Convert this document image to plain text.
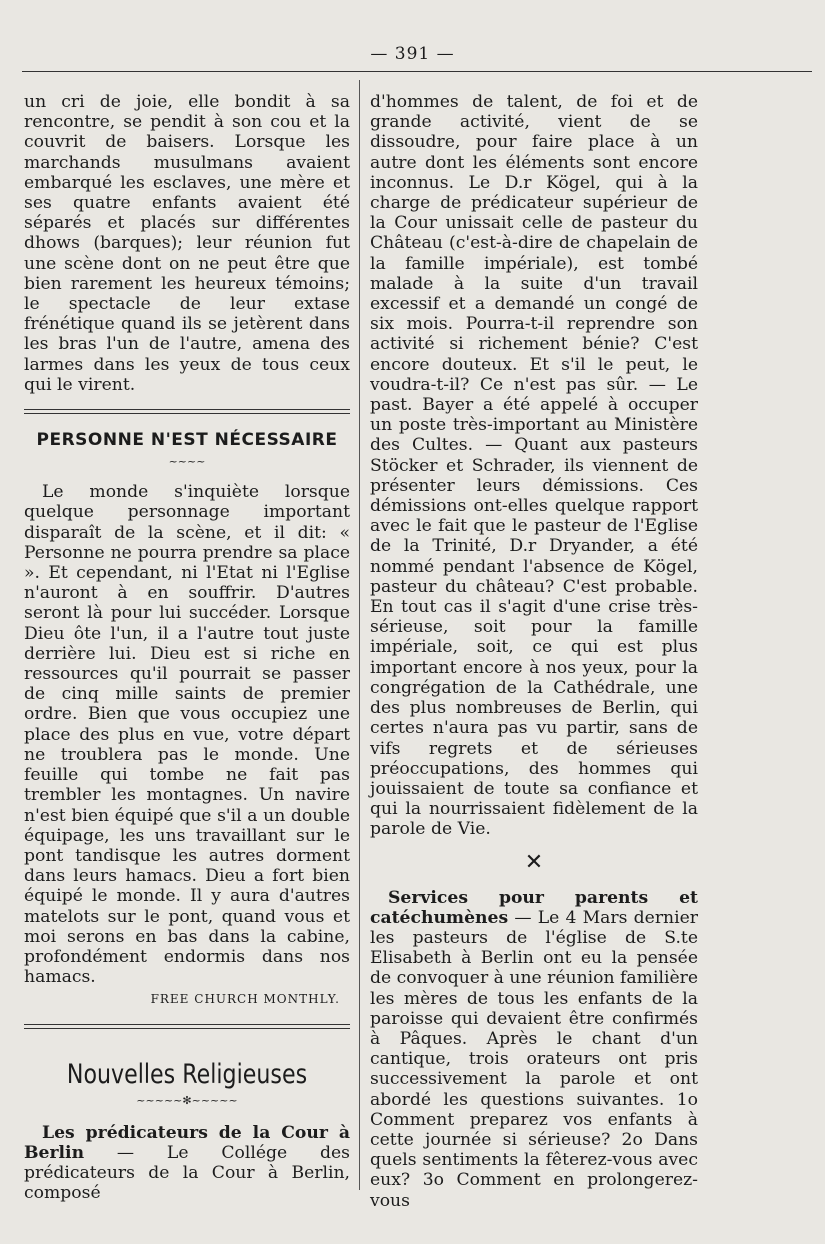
— 391 —

un cri de joie, elle bondit à sa rencontre, se pendit à son cou et la couvrit de baisers. Lorsque les marchands musulmans avaient embarqué les esclaves, une mère et ses quatre enfants avaient été séparés et placés sur différentes dhows (barques); leur réunion fut une scène dont on ne peut être que bien rarement les heureux témoins; le spectacle de leur extase frénétique quand ils se jetèrent dans les bras l'un de l'autre, amena des larmes dans les yeux de tous ceux qui le virent.

PERSONNE N'EST NÉCESSAIRE
~~~~

Le monde s'inquiète lorsque quelque personnage important disparaît de la scène, et il dit: « Personne ne pourra prendre sa place ». Et cependant, ni l'Etat ni l'Eglise n'auront à en souffrir. D'autres seront là pour lui succéder. Lorsque Dieu ôte l'un, il a l'autre tout juste derrière lui. Dieu est si riche en ressources qu'il pourrait se passer de cinq mille saints de premier ordre. Bien que vous occupiez une place des plus en vue, votre départ ne troublera pas le monde. Une feuille qui tombe ne fait pas trembler les montagnes. Un navire n'est bien équipé que s'il a un double équipage, les uns travaillant sur le pont tandisque les autres dorment dans leurs hamacs. Dieu a fort bien équipé le monde. Il y aura d'autres matelots sur le pont, quand vous et moi serons en bas dans la cabine, profondément endormis dans nos hamacs.

FREE CHURCH MONTHLY.
Nouvelles Religieuses
~~~~~✻~~~~~

Les prédicateurs de la Cour à Berlin — Le Collége des prédicateurs de la Cour à Berlin, composé

d'hommes de talent, de foi et de grande activité, vient de se dissoudre, pour faire place à un autre dont les éléments sont encore inconnus. Le D.r Kögel, qui à la charge de prédicateur supérieur de la Cour unissait celle de pasteur du Château (c'est-à-dire de chapelain de la famille impériale), est tombé malade à la suite d'un travail excessif et a demandé un congé de six mois. Pourra-t-il reprendre son activité si richement bénie? C'est encore douteux. Et s'il le peut, le voudra-t-il? Ce n'est pas sûr. — Le past. Bayer a été appelé à occuper un poste très-important au Ministère des Cultes. — Quant aux pasteurs Stöcker et Schrader, ils viennent de présenter leurs démissions. Ces démissions ont-elles quelque rapport avec le fait que le pasteur de l'Eglise de la Trinité, D.r Dryander, a été nommé pendant l'absence de Kögel, pasteur du château? C'est probable. En tout cas il s'agit d'une crise très-sérieuse, soit pour la famille impériale, soit, ce qui est plus important encore à nos yeux, pour la congrégation de la Cathédrale, une des plus nombreuses de Berlin, qui certes n'aura pas vu partir, sans de vifs regrets et de sérieuses préoccupations, des hommes qui jouissaient de toute sa confiance et qui la nourrissaient fidèlement de la parole de Vie.

✕

Services pour parents et catéchumènes — Le 4 Mars dernier les pasteurs de l'église de S.te Elisabeth à Berlin ont eu la pensée de convoquer à une réunion familière les mères de tous les enfants de la paroisse qui devaient être confirmés à Pâques. Après le chant d'un cantique, trois orateurs ont pris successivement la parole et ont abordé les questions suivantes. 1o Comment preparez vos enfants à cette journée si sérieuse? 2o Dans quels sentiments la fêterez-vous avec eux? 3o Comment en prolongerez-vous
